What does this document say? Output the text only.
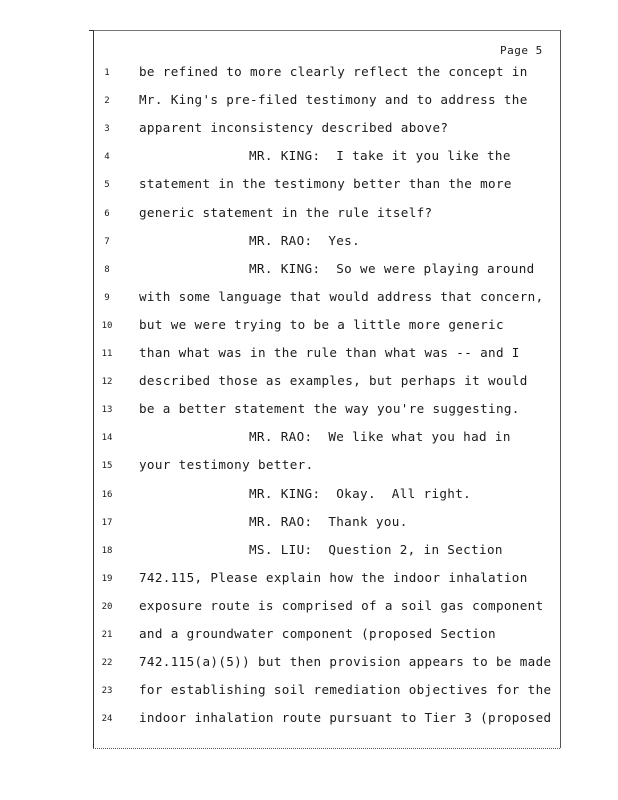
Page 5
1	be refined to more clearly reflect the concept in
2	Mr. King's pre-filed testimony and to address the
3	apparent inconsistency described above?
4	MR. KING:  I take it you like the
5	statement in the testimony better than the more
6	generic statement in the rule itself?
7	MR. RAO:  Yes.
8	MR. KING:  So we were playing around
9	with some language that would address that concern,
10	but we were trying to be a little more generic
11	than what was in the rule than what was -- and I
12	described those as examples, but perhaps it would
13	be a better statement the way you're suggesting.
14	MR. RAO:  We like what you had in
15	your testimony better.
16	MR. KING:  Okay.  All right.
17	MR. RAO:  Thank you.
18	MS. LIU:  Question 2, in Section
19	742.115, Please explain how the indoor inhalation
20	exposure route is comprised of a soil gas component
21	and a groundwater component (proposed Section
22	742.115(a)(5)) but then provision appears to be made
23	for establishing soil remediation objectives for the
24	indoor inhalation route pursuant to Tier 3 (proposed
